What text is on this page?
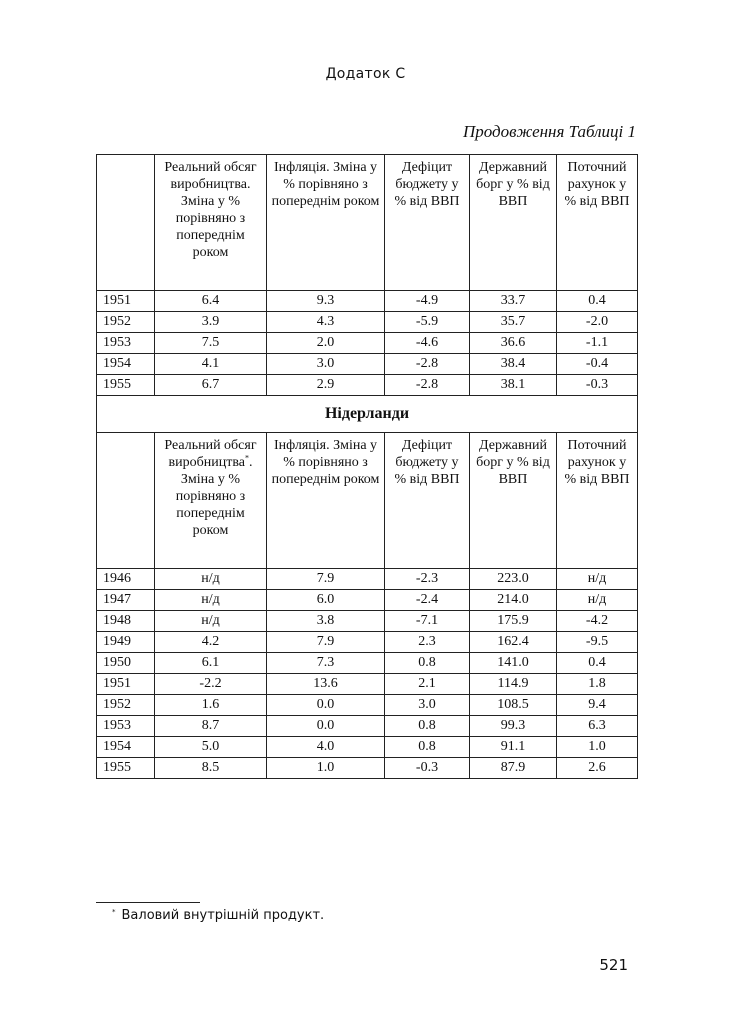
Додаток С
Продовження Таблиці 1
	Реальний обсяг виробництва. Зміна у % порівняно з попереднім роком	Інфляція. Зміна у % порівняно з попереднім роком	Дефіцит бюджету у % від ВВП	Державний борг у % від ВВП	Поточний рахунок у % від ВВП
1951	6.4	9.3	-4.9	33.7	0.4
1952	3.9	4.3	-5.9	35.7	-2.0
1953	7.5	2.0	-4.6	36.6	-1.1
1954	4.1	3.0	-2.8	38.4	-0.4
1955	6.7	2.9	-2.8	38.1	-0.3
Нідерланди					
	Реальний обсяг виробництва*. Зміна у % порівняно з попереднім роком	Інфляція. Зміна у % порівняно з попереднім роком	Дефіцит бюджету у % від ВВП	Державний борг у % від ВВП	Поточний рахунок у % від ВВП
1946	н/д	7.9	-2.3	223.0	н/д
1947	н/д	6.0	-2.4	214.0	н/д
1948	н/д	3.8	-7.1	175.9	-4.2
1949	4.2	7.9	2.3	162.4	-9.5
1950	6.1	7.3	0.8	141.0	0.4
1951	-2.2	13.6	2.1	114.9	1.8
1952	1.6	0.0	3.0	108.5	9.4
1953	8.7	0.0	0.8	99.3	6.3
1954	5.0	4.0	0.8	91.1	1.0
1955	8.5	1.0	-0.3	87.9	2.6
* Валовий внутрішній продукт.
521
